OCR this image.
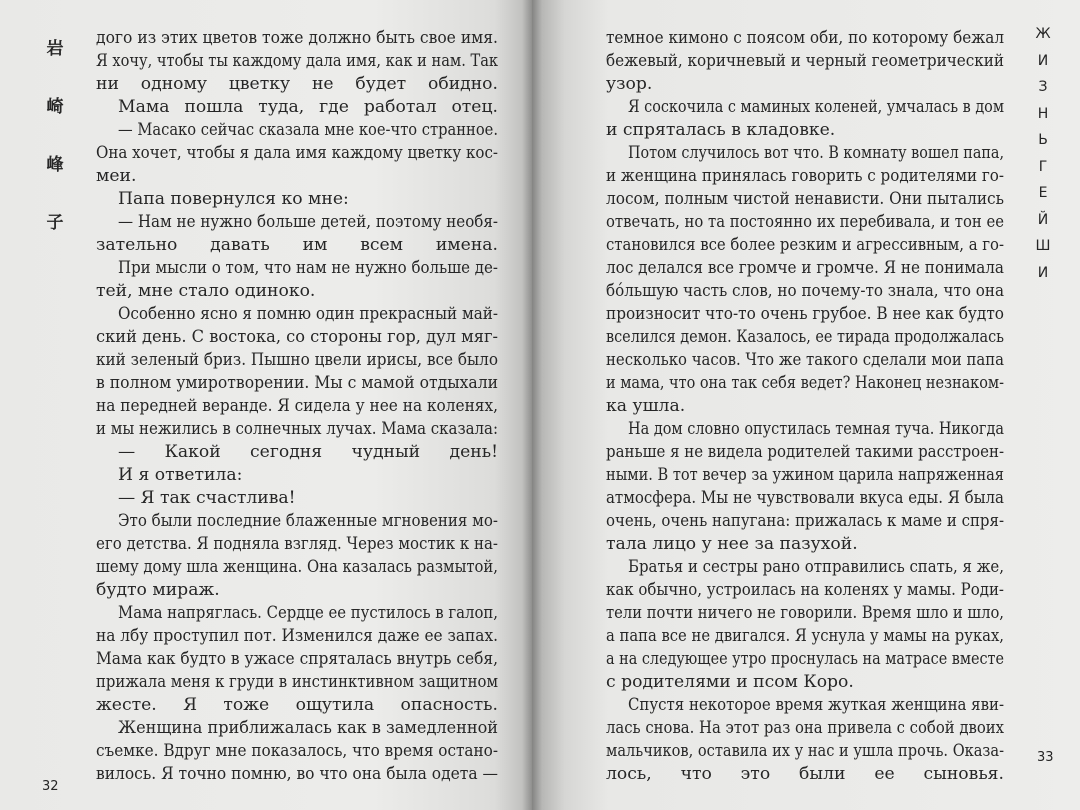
岩
崎
峰
子
дого из этих цветов тоже должно быть свое имя.
Я хочу, чтобы ты каждому дала имя, как и нам. Так
ни одному цветку не будет обидно.
Мама пошла туда, где работал отец.
— Масако сейчас сказала мне кое-что странное.
Она хочет, чтобы я дала имя каждому цветку кос-
меи.
Папа повернулся ко мне:
— Нам не нужно больше детей, поэтому необя-
зательно давать им всем имена.
При мысли о том, что нам не нужно больше де-
тей, мне стало одиноко.
Особенно ясно я помню один прекрасный май-
ский день. С востока, со стороны гор, дул мяг-
кий зеленый бриз. Пышно цвели ирисы, все было
в полном умиротворении. Мы с мамой отдыхали
на передней веранде. Я сидела у нее на коленях,
и мы нежились в солнечных лучах. Мама сказала:
— Какой сегодня чудный день!
И я ответила:
— Я так счастлива!
Это были последние блаженные мгновения мо-
его детства. Я подняла взгляд. Через мостик к на-
шему дому шла женщина. Она казалась размытой,
будто мираж.
Мама напряглась. Сердце ее пустилось в галоп,
на лбу проступил пот. Изменился даже ее запах.
Мама как будто в ужасе спряталась внутрь себя,
прижала меня к груди в инстинктивном защитном
жесте. Я тоже ощутила опасность.
Женщина приближалась как в замедленной
съемке. Вдруг мне показалось, что время остано-
вилось. Я точно помню, во что она была одета —
32
темное кимоно с поясом оби, по которому бежал
бежевый, коричневый и черный геометрический
узор.
Я соскочила с маминых коленей, умчалась в дом
и спряталась в кладовке.
Потом случилось вот что. В комнату вошел папа,
и женщина принялась говорить с родителями го-
лосом, полным чистой ненависти. Они пытались
отвечать, но та постоянно их перебивала, и тон ее
становился все более резким и агрессивным, а го-
лос делался все громче и громче. Я не понимала
бóльшую часть слов, но почему-то знала, что она
произносит что-то очень грубое. В нее как будто
вселился демон. Казалось, ее тирада продолжалась
несколько часов. Что же такого сделали мои папа
и мама, что она так себя ведет? Наконец незнаком-
ка ушла.
На дом словно опустилась темная туча. Никогда
раньше я не видела родителей такими расстроен-
ными. В тот вечер за ужином царила напряженная
атмосфера. Мы не чувствовали вкуса еды. Я была
очень, очень напугана: прижалась к маме и спря-
тала лицо у нее за пазухой.
Братья и сестры рано отправились спать, я же,
как обычно, устроилась на коленях у мамы. Роди-
тели почти ничего не говорили. Время шло и шло,
а папа все не двигался. Я уснула у мамы на руках,
а на следующее утро проснулась на матрасе вместе
с родителями и псом Коро.
Спустя некоторое время жуткая женщина яви-
лась снова. На этот раз она привела с собой двоих
мальчиков, оставила их у нас и ушла прочь. Оказа-
лось, что это были ее сыновья.
Ж
И
З
Н
Ь
Г
Е
Й
Ш
И
33
